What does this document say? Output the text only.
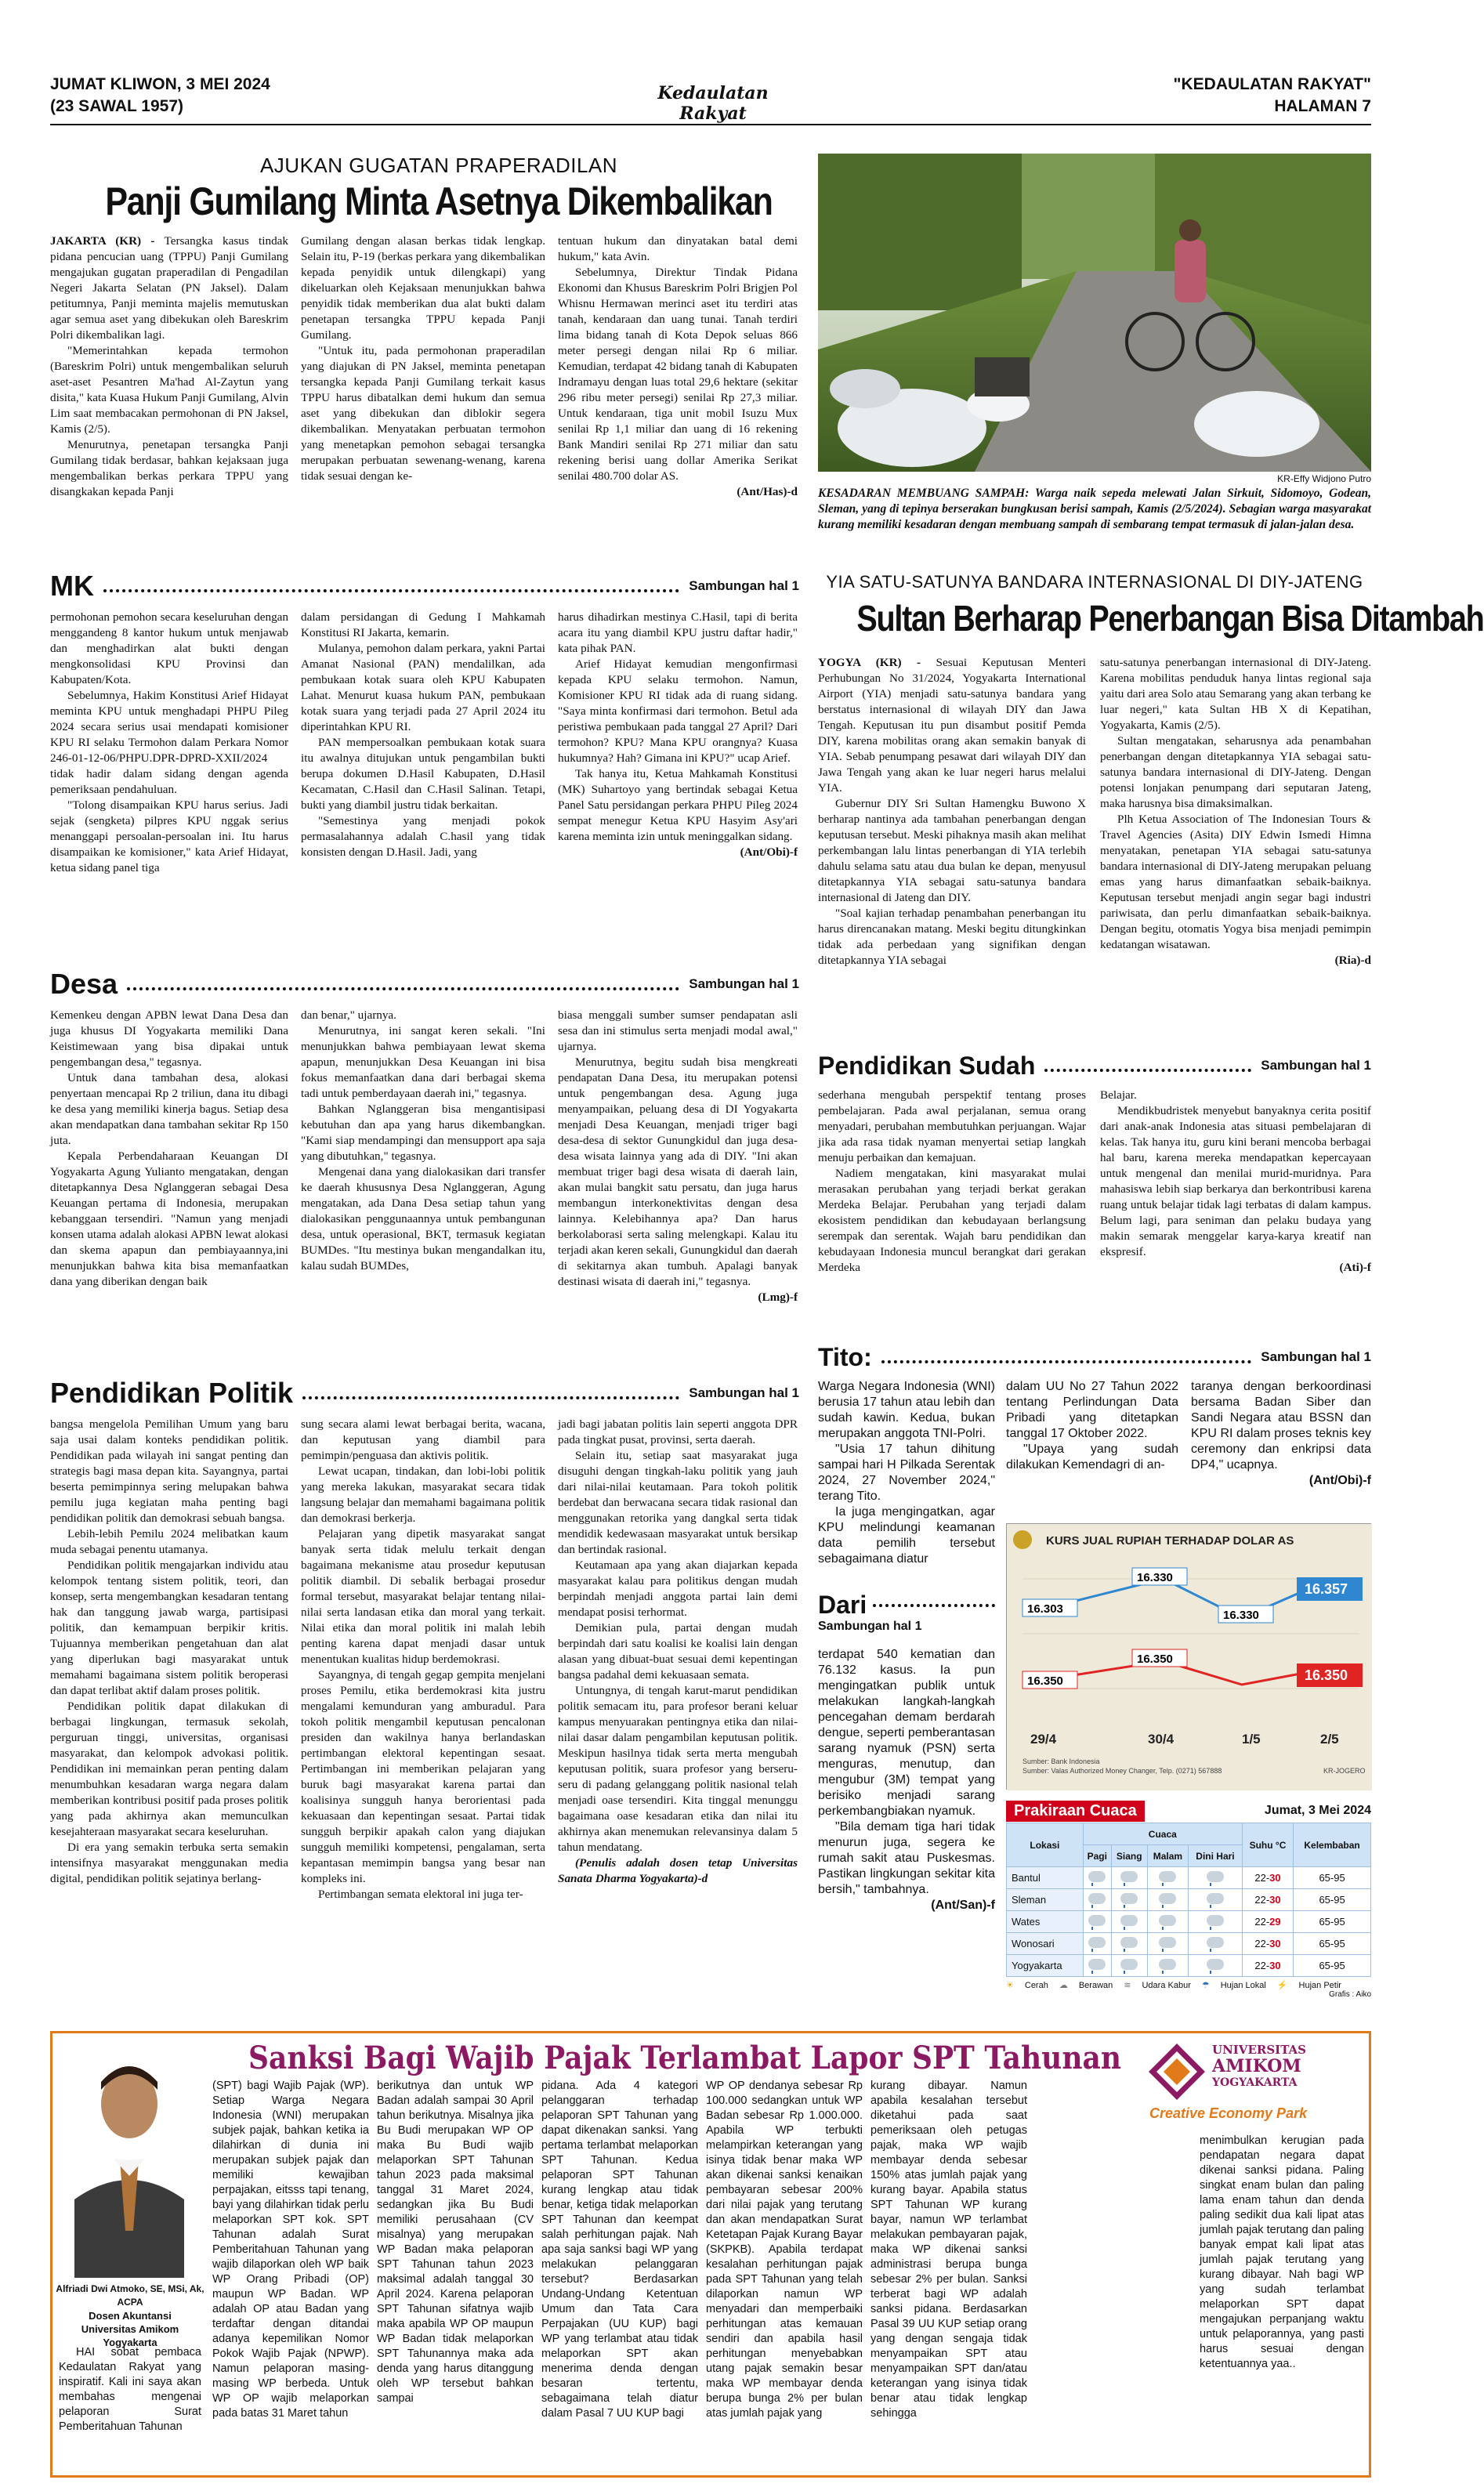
JUMAT KLIWON, 3 MEI 2024
(23 SAWAL 1957)
Kedaulatan Rakyat
"KEDAULATAN RAKYAT"
HALAMAN 7
AJUKAN GUGATAN PRAPERADILAN
Panji Gumilang Minta Asetnya Dikembalikan

JAKARTA (KR) - Tersangka kasus tindak pidana pencucian uang (TPPU) Panji Gumilang mengajukan gugatan praperadilan di Pengadilan Negeri Jakarta Selatan (PN Jaksel). Dalam petitumnya, Panji meminta majelis memutuskan agar semua aset yang dibekukan oleh Bareskrim Polri dikembalikan lagi.

"Memerintahkan kepada termohon (Bareskrim Polri) untuk mengembalikan seluruh aset-aset Pesantren Ma'had Al-Zaytun yang disita," kata Kuasa Hukum Panji Gumilang, Alvin Lim saat membacakan permohonan di PN Jaksel, Kamis (2/5).

Menurutnya, penetapan tersangka Panji Gumilang tidak berdasar, bahkan kejaksaan juga mengembalikan berkas perkara TPPU yang disangkakan kepada Panji

Gumilang dengan alasan berkas tidak lengkap. Selain itu, P-19 (berkas perkara yang dikembalikan kepada penyidik untuk dilengkapi) yang dikeluarkan oleh Kejaksaan menunjukkan bahwa penyidik tidak memberikan dua alat bukti dalam penetapan tersangka TPPU kepada Panji Gumilang.

"Untuk itu, pada permohonan praperadilan yang diajukan di PN Jaksel, meminta penetapan tersangka kepada Panji Gumilang terkait kasus TPPU harus dibatalkan demi hukum dan semua aset yang dibekukan dan diblokir segera dikembalikan. Menyatakan perbuatan termohon yang menetapkan pemohon sebagai tersangka merupakan perbuatan sewenang-wenang, karena tidak sesuai dengan ke-

tentuan hukum dan dinyatakan batal demi hukum," kata Avin.

Sebelumnya, Direktur Tindak Pidana Ekonomi dan Khusus Bareskrim Polri Brigjen Pol Whisnu Hermawan merinci aset itu terdiri atas tanah, kendaraan dan uang tunai. Tanah terdiri lima bidang tanah di Kota Depok seluas 866 meter persegi dengan nilai Rp 6 miliar. Kemudian, terdapat 42 bidang tanah di Kabupaten Indramayu dengan luas total 29,6 hektare (sekitar 296 ribu meter persegi) senilai Rp 27,3 miliar. Untuk kendaraan, tiga unit mobil Isuzu Mux senilai Rp 1,1 miliar dan uang di 16 rekening Bank Mandiri senilai Rp 271 miliar dan satu rekening berisi uang dollar Amerika Serikat senilai 480.700 dolar AS.

(Ant/Has)-d
KR-Effy Widjono Putro
KESADARAN MEMBUANG SAMPAH: Warga naik sepeda melewati Jalan Sirkuit, Sidomoyo, Godean, Sleman, yang di tepinya berserakan bungkusan berisi sampah, Kamis (2/5/2024). Sebagian warga masyarakat kurang memiliki kesadaran dengan membuang sampah di sembarang tempat termasuk di jalan-jalan desa.
MK	Sambungan hal 1

permohonan pemohon secara keseluruhan dengan menggandeng 8 kantor hukum untuk menjawab dan menghadirkan alat bukti dengan mengkonsolidasi KPU Provinsi dan Kabupaten/Kota.

Sebelumnya, Hakim Konstitusi Arief Hidayat meminta KPU untuk menghadapi PHPU Pileg 2024 secara serius usai mendapati komisioner KPU RI selaku Termohon dalam Perkara Nomor 246-01-12-06/PHPU.DPR-DPRD-XXII/2024 tidak hadir dalam sidang dengan agenda pemeriksaan pendahuluan.

"Tolong disampaikan KPU harus serius. Jadi sejak (sengketa) pilpres KPU nggak serius menanggapi persoalan-persoalan ini. Itu harus disampaikan ke komisioner," kata Arief Hidayat, ketua sidang panel tiga

dalam persidangan di Gedung I Mahkamah Konstitusi RI Jakarta, kemarin.

Mulanya, pemohon dalam perkara, yakni Partai Amanat Nasional (PAN) mendalilkan, ada pembukaan kotak suara oleh KPU Kabupaten Lahat. Menurut kuasa hukum PAN, pembukaan kotak suara yang terjadi pada 27 April 2024 itu diperintahkan KPU RI.

PAN mempersoalkan pembukaan kotak suara itu awalnya ditujukan untuk pengambilan bukti berupa dokumen D.Hasil Kabupaten, D.Hasil Kecamatan, C.Hasil dan C.Hasil Salinan. Tetapi, bukti yang diambil justru tidak berkaitan.

"Semestinya yang menjadi pokok permasalahannya adalah C.hasil yang tidak konsisten dengan D.Hasil. Jadi, yang

harus dihadirkan mestinya C.Hasil, tapi di berita acara itu yang diambil KPU justru daftar hadir," kata pihak PAN.

Arief Hidayat kemudian mengonfirmasi kepada KPU selaku termohon. Namun, Komisioner KPU RI tidak ada di ruang sidang. "Saya minta konfirmasi dari termohon. Betul ada peristiwa pembukaan pada tanggal 27 April? Dari termohon? KPU? Mana KPU orangnya? Kuasa hukumnya? Hah? Gimana ini KPU?" ucap Arief.

Tak hanya itu, Ketua Mahkamah Konstitusi (MK) Suhartoyo yang bertindak sebagai Ketua Panel Satu persidangan perkara PHPU Pileg 2024 sempat menegur Ketua KPU Hasyim Asy'ari karena meminta izin untuk meninggalkan sidang.

(Ant/Obi)-f
YIA SATU-SATUNYA BANDARA INTERNASIONAL DI DIY-JATENG
Sultan Berharap Penerbangan Bisa Ditambah

YOGYA (KR) - Sesuai Keputusan Menteri Perhubungan No 31/2024, Yogyakarta International Airport (YIA) menjadi satu-satunya bandara yang berstatus internasional di wilayah DIY dan Jawa Tengah. Keputusan itu pun disambut positif Pemda DIY, karena mobilitas orang akan semakin banyak di YIA. Sebab penumpang pesawat dari wilayah DIY dan Jawa Tengah yang akan ke luar negeri harus melalui YIA.

Gubernur DIY Sri Sultan Hamengku Buwono X berharap nantinya ada tambahan penerbangan dengan keputusan tersebut. Meski pihaknya masih akan melihat perkembangan lalu lintas penerbangan di YIA terlebih dahulu selama satu atau dua bulan ke depan, menyusul ditetapkannya YIA sebagai satu-satunya bandara internasional di Jateng dan DIY.

"Soal kajian terhadap penambahan penerbangan itu harus direncanakan matang. Meski begitu ditungkinkan tidak ada perbedaan yang signifikan dengan ditetapkannya YIA sebagai

satu-satunya penerbangan internasional di DIY-Jateng. Karena mobilitas penduduk hanya lintas regional saja yaitu dari area Solo atau Semarang yang akan terbang ke luar negeri," kata Sultan HB X di Kepatihan, Yogyakarta, Kamis (2/5).

Sultan mengatakan, seharusnya ada penambahan penerbangan dengan ditetapkannya YIA sebagai satu-satunya bandara internasional di DIY-Jateng. Dengan potensi lonjakan penumpang dari seputaran Jateng, maka harusnya bisa dimaksimalkan.

Plh Ketua Association of The Indonesian Tours & Travel Agencies (Asita) DIY Edwin Ismedi Himna menyatakan, penetapan YIA sebagai satu-satunya bandara internasional di DIY-Jateng merupakan peluang emas yang harus dimanfaatkan sebaik-baiknya. Keputusan tersebut menjadi angin segar bagi industri pariwisata, dan perlu dimanfaatkan sebaik-baiknya. Dengan begitu, otomatis Yogya bisa menjadi pemimpin kedatangan wisatawan.

(Ria)-d
Desa	Sambungan hal 1

Kemenkeu dengan APBN lewat Dana Desa dan juga khusus DI Yogyakarta memiliki Dana Keistimewaan yang bisa dipakai untuk pengembangan desa," tegasnya.

Untuk dana tambahan desa, alokasi penyertaan mencapai Rp 2 triliun, dana itu dibagi ke desa yang memiliki kinerja bagus. Setiap desa akan mendapatkan dana tambahan sekitar Rp 150 juta.

Kepala Perbendaharaan Keuangan DI Yogyakarta Agung Yulianto mengatakan, dengan ditetapkannya Desa Nglanggeran sebagai Desa Keuangan pertama di Indonesia, merupakan kebanggaan tersendiri. "Namun yang menjadi konsen utama adalah alokasi APBN lewat alokasi dan skema apapun dan pembiayaannya,ini menunjukkan bahwa kita bisa memanfaatkan dana yang diberikan dengan baik

dan benar," ujarnya.

Menurutnya, ini sangat keren sekali. "Ini menunjukkan bahwa pembiayaan lewat skema apapun, menunjukkan Desa Keuangan ini bisa fokus memanfaatkan dana dari berbagai skema tadi untuk pemberdayaan daerah ini," tegasnya.

Bahkan Nglanggeran bisa mengantisipasi kebutuhan dan apa yang harus dikembangkan. "Kami siap mendampingi dan mensupport apa saja yang dibutuhkan," tegasnya.

Mengenai dana yang dialokasikan dari transfer ke daerah khususnya Desa Nglanggeran, Agung mengatakan, ada Dana Desa setiap tahun yang dialokasikan penggunaannya untuk pembangunan desa, untuk operasional, BKT, termasuk kegiatan BUMDes. "Itu mestinya bukan mengandalkan itu, kalau sudah BUMDes,

biasa menggali sumber sumser pendapatan asli sesa dan ini stimulus serta menjadi modal awal," ujarnya.

Menurutnya, begitu sudah bisa mengkreati pendapatan Dana Desa, itu merupakan potensi untuk pengembangan desa. Agung juga menyampaikan, peluang desa di DI Yogyakarta menjadi Desa Keuangan, menjadi triger bagi desa-desa di sektor Gunungkidul dan juga desa-desa wisata lainnya yang ada di DIY. "Ini akan membuat triger bagi desa wisata di daerah lain, akan mulai bangkit satu persatu, dan juga harus membangun interkonektivitas dengan desa lainnya. Kelebihannya apa? Dan harus berkolaborasi serta saling melengkapi. Kalau itu terjadi akan keren sekali, Gunungkidul dan daerah di sekitarnya akan tumbuh. Apalagi banyak destinasi wisata di daerah ini," tegasnya.

(Lmg)-f
Pendidikan Sudah	Sambungan hal 1

sederhana mengubah perspektif tentang proses pembelajaran. Pada awal perjalanan, semua orang menyadari, perubahan membutuhkan perjuangan. Wajar jika ada rasa tidak nyaman menyertai setiap langkah menuju perbaikan dan kemajuan.

Nadiem mengatakan, kini masyarakat mulai merasakan perubahan yang terjadi berkat gerakan Merdeka Belajar. Perubahan yang terjadi dalam ekosistem pendidikan dan kebudayaan berlangsung serempak dan serentak. Wajah baru pendidikan dan kebudayaan Indonesia muncul berangkat dari gerakan Merdeka

Belajar.

Mendikbudristek menyebut banyaknya cerita positif dari anak-anak Indonesia atas situasi pembelajaran di kelas. Tak hanya itu, guru kini berani mencoba berbagai hal baru, karena mereka mendapatkan kepercayaan untuk mengenal dan menilai murid-muridnya. Para mahasiswa lebih siap berkarya dan berkontribusi karena ruang untuk belajar tidak lagi terbatas di dalam kampus. Belum lagi, para seniman dan pelaku budaya yang makin semarak menggelar karya-karya kreatif nan ekspresif.

(Ati)-f
Tito:	Sambungan hal 1

Warga Negara Indonesia (WNI) berusia 17 tahun atau lebih dan sudah kawin. Kedua, bukan merupakan anggota TNI-Polri.

"Usia 17 tahun dihitung sampai hari H Pilkada Serentak 2024, 27 November 2024," terang Tito.

Ia juga mengingatkan, agar KPU melindungi keamanan data pemilih tersebut sebagaimana diatur

dalam UU No 27 Tahun 2022 tentang Perlindungan Data Pribadi yang ditetapkan tanggal 17 Oktober 2022.

"Upaya yang sudah dilakukan Kemendagri di an-

taranya dengan berkoordinasi bersama Badan Siber dan Sandi Negara atau BSSN dan KPU RI dalam proses teknis key ceremony dan enkripsi data DP4," ucapnya.

(Ant/Obi)-f
Pendidikan Politik	Sambungan hal 1

bangsa mengelola Pemilihan Umum yang baru saja usai dalam konteks pendidikan politik. Pendidikan pada wilayah ini sangat penting dan strategis bagi masa depan kita. Sayangnya, partai beserta pemimpinnya sering melupakan bahwa pemilu juga kegiatan maha penting bagi pendidikan politik dan demokrasi sebuah bangsa.

Lebih-lebih Pemilu 2024 melibatkan kaum muda sebagai penentu utamanya.

Pendidikan politik mengajarkan individu atau kelompok tentang sistem politik, teori, dan konsep, serta mengembangkan kesadaran tentang hak dan tanggung jawab warga, partisipasi politik, dan kemampuan berpikir kritis. Tujuannya memberikan pengetahuan dan alat yang diperlukan bagi masyarakat untuk memahami bagaimana sistem politik beroperasi dan dapat terlibat aktif dalam proses politik.

Pendidikan politik dapat dilakukan di berbagai lingkungan, termasuk sekolah, perguruan tinggi, universitas, organisasi masyarakat, dan kelompok advokasi politik. Pendidikan ini memainkan peran penting dalam menumbuhkan kesadaran warga negara dalam memberikan kontribusi positif pada proses politik yang pada akhirnya akan memunculkan kesejahteraan masyarakat secara keseluruhan.

Di era yang semakin terbuka serta semakin intensifnya masyarakat menggunakan media digital, pendidikan politik sejatinya berlang-

sung secara alami lewat berbagai berita, wacana, dan keputusan yang diambil para pemimpin/penguasa dan aktivis politik.

Lewat ucapan, tindakan, dan lobi-lobi politik yang mereka lakukan, masyarakat secara tidak langsung belajar dan memahami bagaimana politik dan demokrasi berkerja.

Pelajaran yang dipetik masyarakat sangat banyak serta tidak melulu terkait dengan bagaimana mekanisme atau prosedur keputusan politik diambil. Di sebalik berbagai prosedur formal tersebut, masyarakat belajar tentang nilai-nilai serta landasan etika dan moral yang terkait. Nilai etika dan moral politik ini malah lebih penting karena dapat menjadi dasar untuk menentukan kualitas hidup berdemokrasi.

Sayangnya, di tengah gegap gempita menjelani proses Pemilu, etika berdemokrasi kita justru mengalami kemunduran yang amburadul. Para tokoh politik mengambil keputusan pencalonan presiden dan wakilnya hanya berlandaskan pertimbangan elektoral kepentingan sesaat. Pertimbangan ini memberikan pelajaran yang buruk bagi masyarakat karena partai dan koalisinya sungguh hanya berorientasi pada kekuasaan dan kepentingan sesaat. Partai tidak sungguh berpikir apakah calon yang diajukan sungguh memiliki kompetensi, pengalaman, serta kepantasan memimpin bangsa yang besar nan kompleks ini.

Pertimbangan semata elektoral ini juga ter-

jadi bagi jabatan politis lain seperti anggota DPR pada tingkat pusat, provinsi, serta daerah.

Selain itu, setiap saat masyarakat juga disuguhi dengan tingkah-laku politik yang jauh dari nilai-nilai keutamaan. Para tokoh politik berdebat dan berwacana secara tidak rasional dan menggunakan retorika yang dangkal serta tidak mendidik kedewasaan masyarakat untuk bersikap dan bertindak rasional.

Keutamaan apa yang akan diajarkan kepada masyarakat kalau para politikus dengan mudah berpindah menjadi anggota partai lain demi mendapat posisi terhormat.

Demikian pula, partai dengan mudah berpindah dari satu koalisi ke koalisi lain dengan alasan yang dibuat-buat sesuai demi kepentingan bangsa padahal demi kekuasaan semata.

Untungnya, di tengah karut-marut pendidikan politik semacam itu, para profesor berani keluar kampus menyuarakan pentingnya etika dan nilai-nilai dasar dalam pengambilan keputusan politik. Meskipun hasilnya tidak serta merta mengubah keputusan politik, suara profesor yang berseru-seru di padang gelanggang politik nasional telah menjadi oase tersendiri. Kita tinggal menunggu bagaimana oase kesadaran etika dan nilai itu akhirnya akan menemukan relevansinya dalam 5 tahun mendatang.

(Penulis adalah dosen tetap Universitas Sanata Dharma Yogyakarta)-d

KURS JUAL RUPIAH TERHADAP DOLAR AS
16.303
16.330
16.330
16.357
16.350
16.350
16.350
29/4	30/4	1/5	2/5
Sumber: Bank Indonesia
Sumber: Valas Authorized Money Changer, Telp. (0271) 567888	KR-JOGERO
Dari
Sambungan hal 1

terdapat 540 kematian dan 76.132 kasus. Ia pun mengingatkan publik untuk melakukan langkah-langkah pencegahan demam berdarah dengue, seperti pemberantasan sarang nyamuk (PSN) serta menguras, menutup, dan mengubur (3M) tempat yang berisiko menjadi sarang perkembangbiakan nyamuk.

"Bila demam tiga hari tidak menurun juga, segera ke rumah sakit atau Puskesmas. Pastikan lingkungan sekitar kita bersih," tambahnya.

(Ant/San)-f
Prakiraan Cuaca	Jumat, 3 Mei 2024
Lokasi	Cuaca				Suhu °C	Kelembaban
	Pagi	Siang	Malam	Dini Hari		
Bantul					22-30	65-95
Sleman					22-30	65-95
Wates					22-29	65-95
Wonosari					22-30	65-95
Yogyakarta					22-30	65-95
☀ Cerah ☁ Berawan ≋ Udara Kabur ☂ Hujan Lokal ⚡ Hujan Petir
Grafis : Aiko
Sanksi Bagi Wajib Pajak Terlambat Lapor SPT Tahunan
Alfriadi Dwi Atmoko, SE, MSi, Ak, ACPA
Dosen Akuntansi
Universitas Amikom
Yogyakarta

HAI sobat pembaca Kedaulatan Rakyat yang inspiratif. Kali ini saya akan membahas mengenai pelaporan Surat Pemberitahuan Tahunan

(SPT) bagi Wajib Pajak (WP). Setiap Warga Negara Indonesia (WNI) merupakan subjek pajak, bahkan ketika ia dilahirkan di dunia ini merupakan subjek pajak dan memiliki kewajiban perpajakan, eitsss tapi tenang, bayi yang dilahirkan tidak perlu melaporkan SPT kok. SPT Tahunan adalah Surat Pemberitahuan Tahunan yang wajib dilaporkan oleh WP baik WP Orang Pribadi (OP) maupun WP Badan. WP adalah OP atau Badan yang terdaftar dengan ditandai adanya kepemilikan Nomor Pokok Wajib Pajak (NPWP). Namun pelaporan masing-masing WP berbeda. Untuk WP OP wajib melaporkan pada batas 31 Maret tahun

berikutnya dan untuk WP Badan adalah sampai 30 April tahun berikutnya. Misalnya jika Bu Budi merupakan WP OP maka Bu Budi wajib melaporkan SPT Tahunan tahun 2023 pada maksimal tanggal 31 Maret 2024, sedangkan jika Bu Budi memiliki perusahaan (CV misalnya) yang merupakan WP Badan maka pelaporan SPT Tahunan tahun 2023 maksimal adalah tanggal 30 April 2024. Karena pelaporan SPT Tahunan sifatnya wajib maka apabila WP OP maupun WP Badan tidak melaporkan SPT Tahunannya maka ada denda yang harus ditanggung oleh WP tersebut bahkan sampai

pidana. Ada 4 kategori pelanggaran terhadap pelaporan SPT Tahunan yang dapat dikenakan sanksi. Yang pertama terlambat melaporkan SPT Tahunan. Kedua pelaporan SPT Tahunan kurang lengkap atau tidak benar, ketiga tidak melaporkan SPT Tahunan dan keempat salah perhitungan pajak. Nah apa saja sanksi bagi WP yang melakukan pelanggaran tersebut? Berdasarkan Undang-Undang Ketentuan Umum dan Tata Cara Perpajakan (UU KUP) bagi WP yang terlambat atau tidak melaporkan SPT akan menerima denda dengan besaran tertentu, sebagaimana telah diatur dalam Pasal 7 UU KUP bagi

WP OP dendanya sebesar Rp 100.000 sedangkan untuk WP Badan sebesar Rp 1.000.000. Apabila WP terbukti melampirkan keterangan yang isinya tidak benar maka WP akan dikenai sanksi kenaikan pembayaran sebesar 200% dari nilai pajak yang terutang dan akan mendapatkan Surat Ketetapan Pajak Kurang Bayar (SKPKB). Apabila terdapat kesalahan perhitungan pajak pada SPT Tahunan yang telah dilaporkan namun WP menyadari dan memperbaiki perhitungan atas kemauan sendiri dan apabila hasil perhitungan menyebabkan utang pajak semakin besar maka WP membayar denda berupa bunga 2% per bulan atas jumlah pajak yang

kurang dibayar. Namun apabila kesalahan tersebut diketahui pada saat pemeriksaan oleh petugas pajak, maka WP wajib membayar denda sebesar 150% atas jumlah pajak yang kurang bayar. Apabila status SPT Tahunan WP kurang bayar, namun WP terlambat melakukan pembayaran pajak, maka WP dikenai sanksi administrasi berupa bunga sebesar 2% per bulan. Sanksi terberat bagi WP adalah sanksi pidana. Berdasarkan Pasal 39 UU KUP setiap orang yang dengan sengaja tidak menyampaikan SPT atau menyampaikan SPT dan/atau keterangan yang isinya tidak benar atau tidak lengkap sehingga

UNIVERSITAS
AMIKOM
YOGYAKARTA
Creative Economy Park

menimbulkan kerugian pada pendapatan negara dapat dikenai sanksi pidana. Paling singkat enam bulan dan paling lama enam tahun dan denda paling sedikit dua kali lipat atas jumlah pajak terutang dan paling banyak empat kali lipat atas jumlah pajak terutang yang kurang dibayar. Nah bagi WP yang sudah terlambat melaporkan SPT dapat mengajukan perpanjang waktu untuk pelaporannya, yang pasti harus sesuai dengan ketentuannya yaa..
